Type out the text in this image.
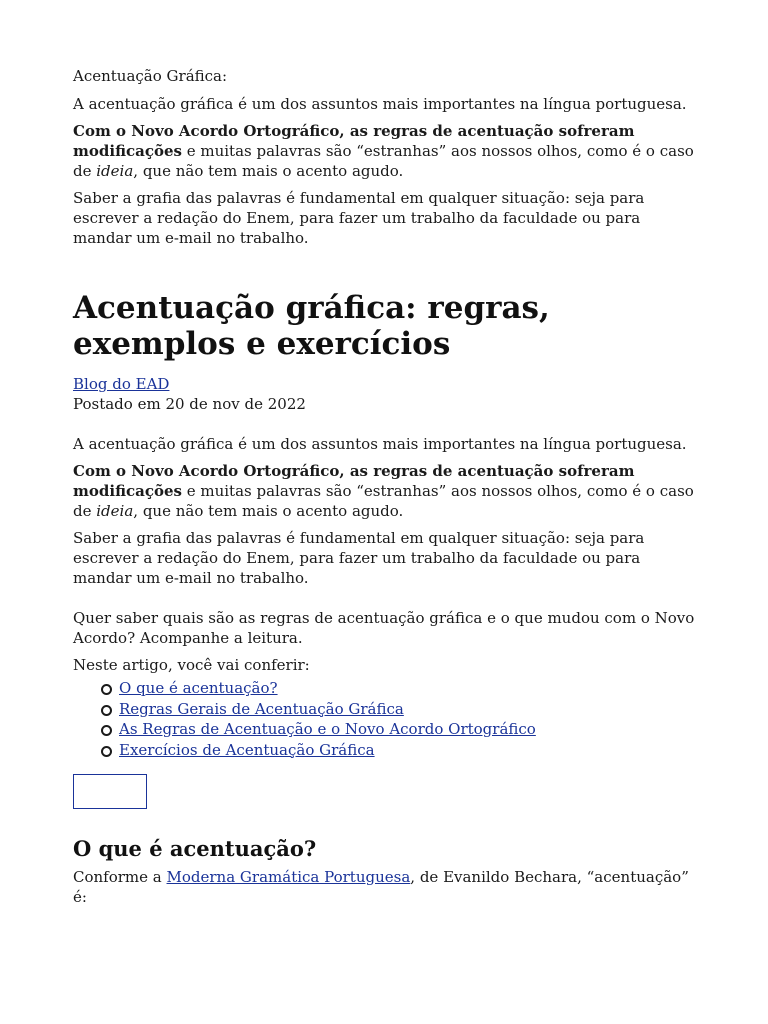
Acentuação Gráfica:

A acentuação gráfica é um dos assuntos mais importantes na língua portuguesa.

Com o Novo Acordo Ortográfico, as regras de acentuação sofreram modificações e muitas palavras são “estranhas” aos nossos olhos, como é o caso de ideia, que não tem mais o acento agudo.

Saber a grafia das palavras é fundamental em qualquer situação: seja para escrever a redação do Enem, para fazer um trabalho da faculdade ou para mandar um e-mail no trabalho.

Acentuação gráfica: regras, exemplos e exercícios
Blog do EAD

Postado em 20 de nov de 2022

A acentuação gráfica é um dos assuntos mais importantes na língua portuguesa.

Com o Novo Acordo Ortográfico, as regras de acentuação sofreram modificações e muitas palavras são “estranhas” aos nossos olhos, como é o caso de ideia, que não tem mais o acento agudo.

Saber a grafia das palavras é fundamental em qualquer situação: seja para escrever a redação do Enem, para fazer um trabalho da faculdade ou para mandar um e-mail no trabalho.

Quer saber quais são as regras de acentuação gráfica e o que mudou com o Novo Acordo? Acompanhe a leitura.

Neste artigo, você vai conferir:

O que é acentuação?
Regras Gerais de Acentuação Gráfica
As Regras de Acentuação e o Novo Acordo Ortográfico
Exercícios de Acentuação Gráfica
O que é acentuação?

Conforme a Moderna Gramática Portuguesa, de Evanildo Bechara, “acentuação” é:
